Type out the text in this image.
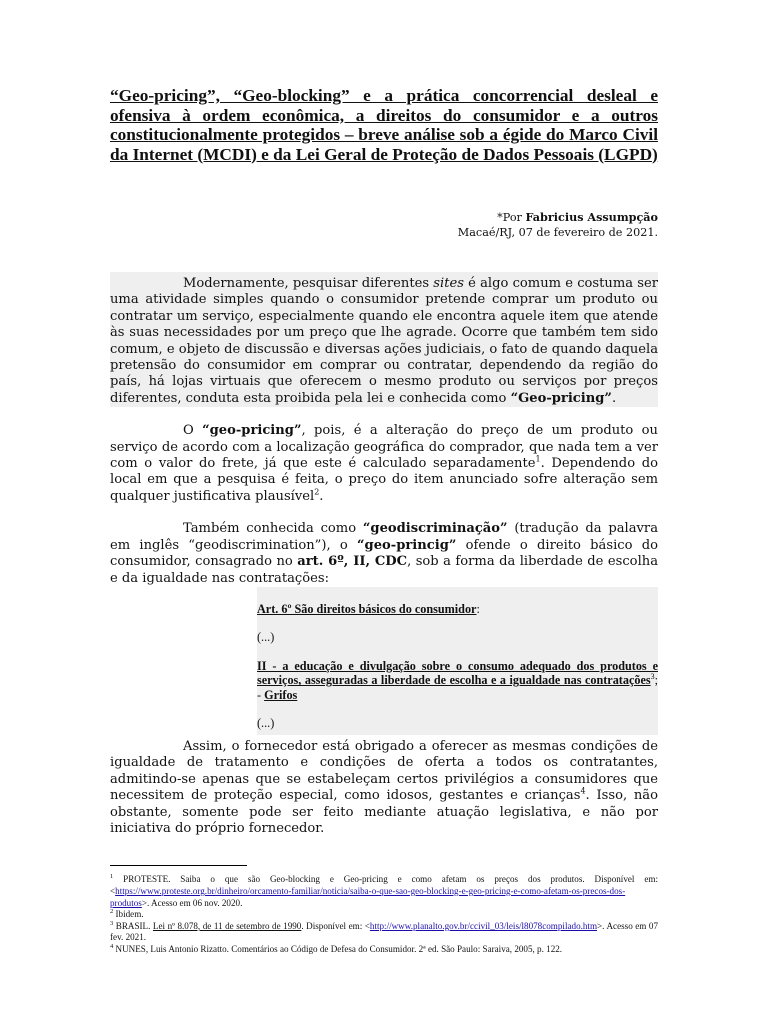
“Geo-pricing”, “Geo-blocking” e a prática concorrencial desleal e ofensiva à ordem econômica, a direitos do consumidor e a outros constitucionalmente protegidos – breve análise sob a égide do Marco Civil da Internet (MCDI) e da Lei Geral de Proteção de Dados Pessoais (LGPD)

*Por Fabricius Assumpção
Macaé/RJ, 07 de fevereiro de 2021.

Modernamente, pesquisar diferentes sites é algo comum e costuma ser uma atividade simples quando o consumidor pretende comprar um produto ou contratar um serviço, especialmente quando ele encontra aquele item que atende às suas necessidades por um preço que lhe agrade. Ocorre que também tem sido comum, e objeto de discussão e diversas ações judiciais, o fato de quando daquela pretensão do consumidor em comprar ou contratar, dependendo da região do país, há lojas virtuais que oferecem o mesmo produto ou serviços por preços diferentes, conduta esta proibida pela lei e conhecida como “Geo-pricing”.

O “geo-pricing”, pois, é a alteração do preço de um produto ou serviço de acordo com a localização geográfica do comprador, que nada tem a ver com o valor do frete, já que este é calculado separadamente$^1$. Dependendo do local em que a pesquisa é feita, o preço do item anunciado sofre alteração sem qualquer justificativa plausível$^2$.

Também conhecida como “geodiscriminação” (tradução da palavra em inglês “geodiscrimination”), o “geo-princig” ofende o direito básico do consumidor, consagrado no art. 6º, II, CDC, sob a forma da liberdade de escolha e da igualdade nas contratações:

Art. 6º São direitos básicos do consumidor:

(...)

II - a educação e divulgação sobre o consumo adequado dos produtos e serviços, asseguradas a liberdade de escolha e a igualdade nas contratações$^3$; - Grifos

(...)

Assim, o fornecedor está obrigado a oferecer as mesmas condições de igualdade de tratamento e condições de oferta a todos os contratantes, admitindo-se apenas que se estabeleçam certos privilégios a consumidores que necessitem de proteção especial, como idosos, gestantes e crianças$^4$. Isso, não obstante, somente pode ser feito mediante atuação legislativa, e não por iniciativa do próprio fornecedor.

$^1$ PROTESTE. Saiba o que são Geo-blocking e Geo-pricing e como afetam os preços dos produtos. Disponível em: <https://www.proteste.org.br/dinheiro/orcamento-familiar/noticia/saiba-o-que-sao-geo-blocking-e-geo-pricing-e-como-afetam-os-precos-dos-produtos>. Acesso em 06 nov. 2020.

$^2$ Ibidem.

$^3$ BRASIL. Lei nº 8.078, de 11 de setembro de 1990. Disponível em: <http://www.planalto.gov.br/ccivil_03/leis/l8078compilado.htm>. Acesso em 07 fev. 2021.

$^4$ NUNES, Luis Antonio Rizatto. Comentários ao Código de Defesa do Consumidor. 2ª ed. São Paulo: Saraiva, 2005, p. 122.
